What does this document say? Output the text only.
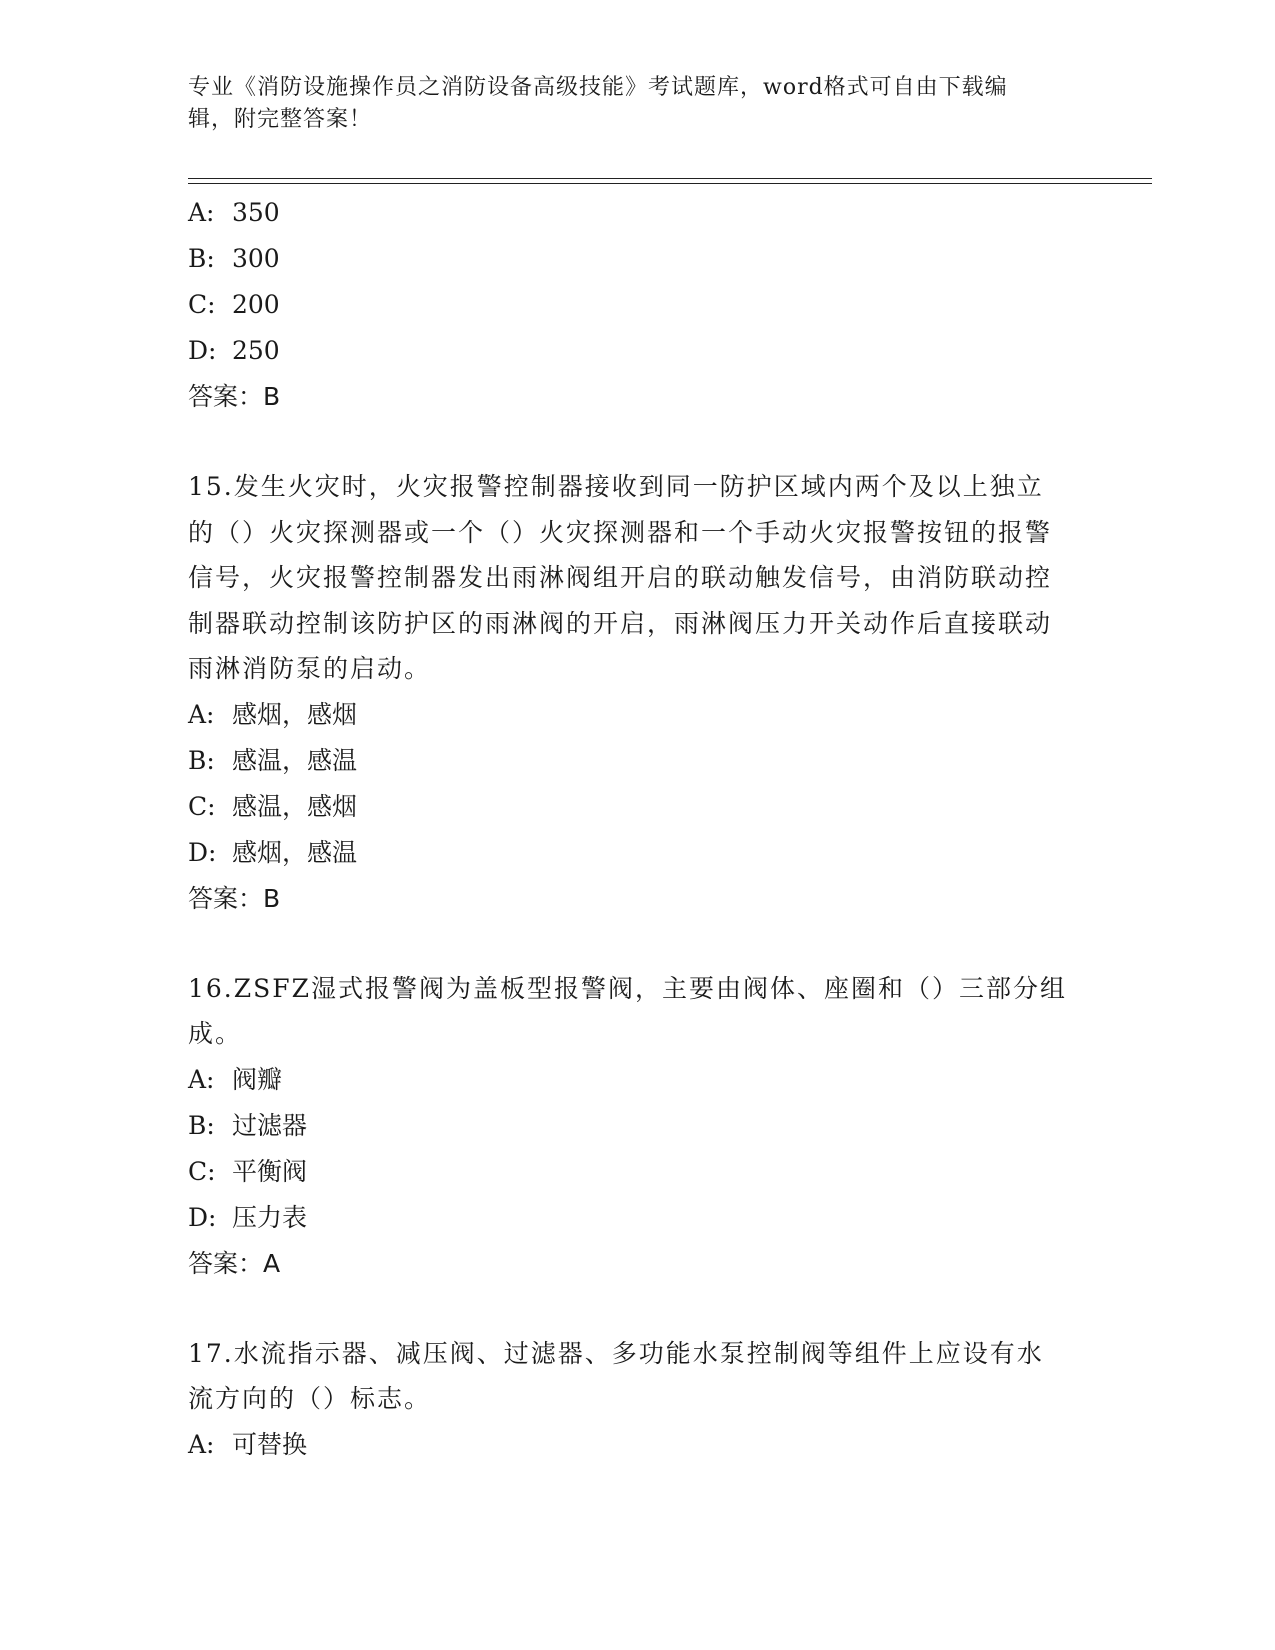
专业《消防设施操作员之消防设备高级技能》考试题库，word格式可自由下载编
辑，附完整答案！
A: 350
B: 300
C: 200
D: 250
答案：B
15.发生火灾时，火灾报警控制器接收到同一防护区域内两个及以上独立的（）火灾探测器或一个（）火灾探测器和一个手动火灾报警按钮的报警信号，火灾报警控制器发出雨淋阀组开启的联动触发信号，由消防联动控制器联动控制该防护区的雨淋阀的开启，雨淋阀压力开关动作后直接联动雨淋消防泵的启动。
A: 感烟，感烟
B: 感温，感温
C: 感温，感烟
D: 感烟，感温
答案：B
16.ZSFZ湿式报警阀为盖板型报警阀，主要由阀体、座圈和（）三部分组成。
A: 阀瓣
B: 过滤器
C: 平衡阀
D: 压力表
答案：A
17.水流指示器、减压阀、过滤器、多功能水泵控制阀等组件上应设有水流方向的（）标志。
A: 可替换
